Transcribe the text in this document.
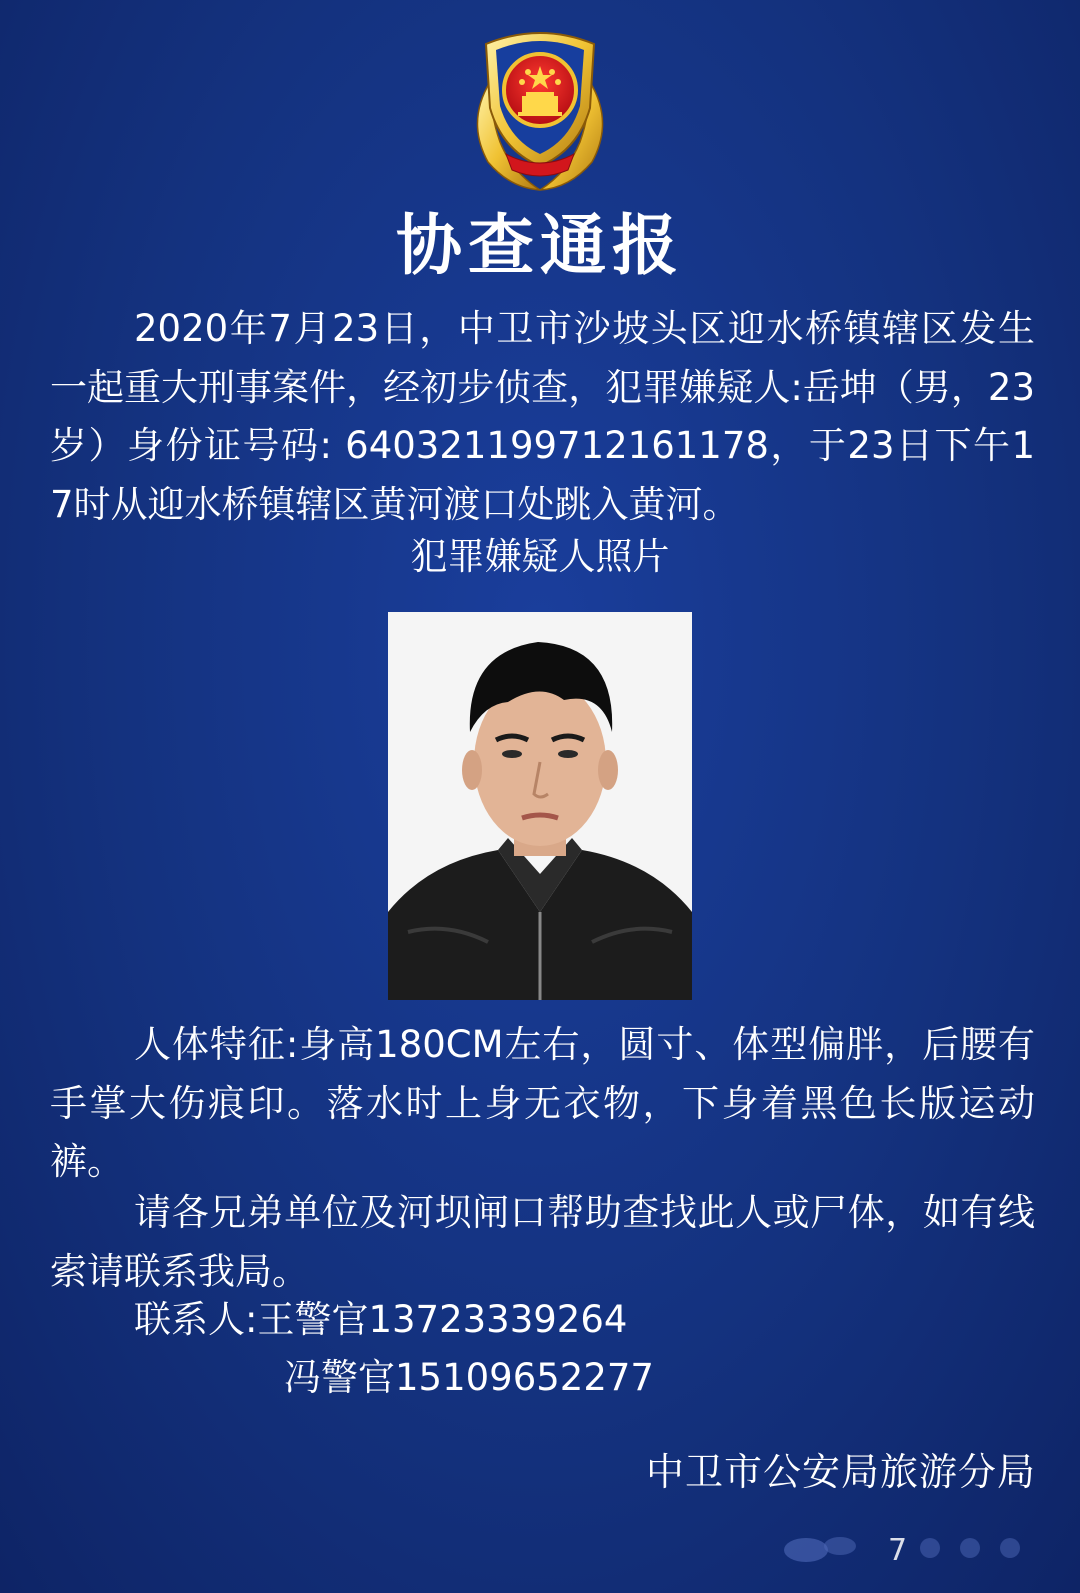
协查通报
2020年7月23日，中卫市沙坡头区迎水桥镇辖区发生一起重大刑事案件，经初步侦查，犯罪嫌疑人:岳坤（男，23岁）身份证号码: 640321199712161178，于23日下午17时从迎水桥镇辖区黄河渡口处跳入黄河。
犯罪嫌疑人照片
人体特征:身高180CM左右，圆寸、体型偏胖，后腰有手掌大伤痕印。落水时上身无衣物，下身着黑色长版运动裤。
请各兄弟单位及河坝闸口帮助查找此人或尸体，如有线索请联系我局。
联系人:王警官13723339264
冯警官15109652277
中卫市公安局旅游分局
7
